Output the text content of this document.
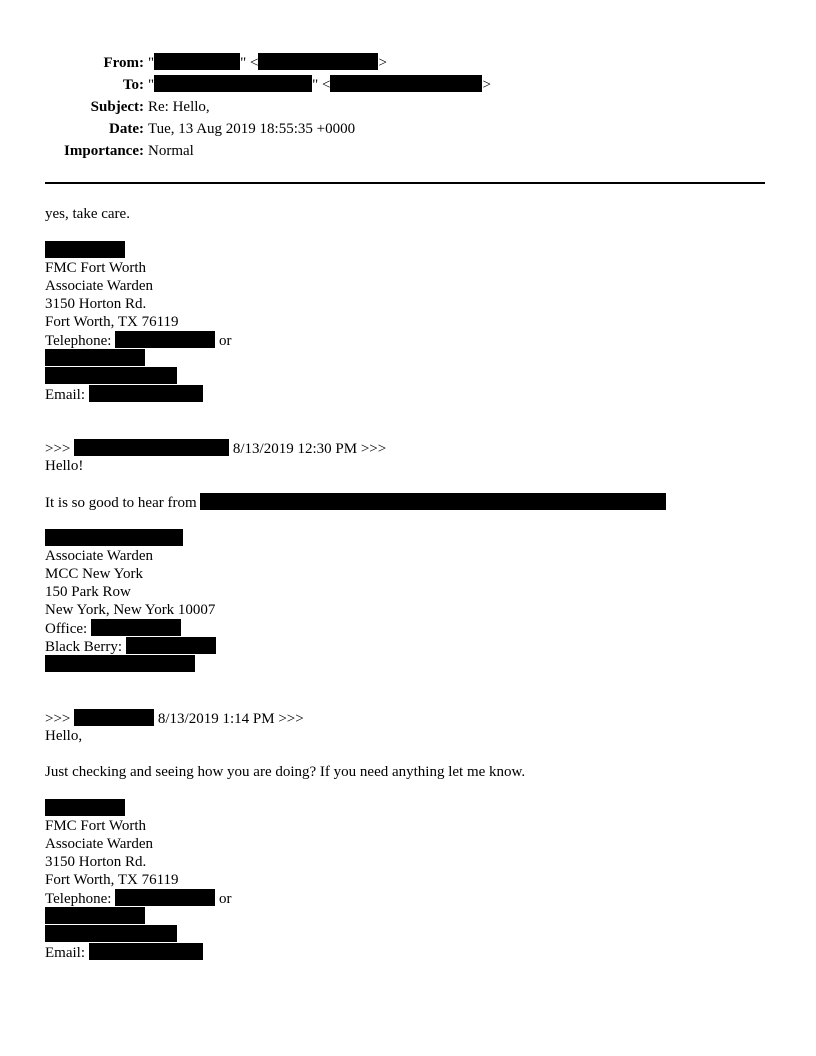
From: "	" <	>
To: "	" <	>
Subject: Re: Hello,
Date: Tue, 13 Aug 2019 18:55:35 +0000
Importance: Normal
yes, take care.
FMC Fort Worth
Associate Warden
3150 Horton Rd.
Fort Worth, TX 76119
Telephone:	or
Email:
>>>	8/13/2019 12:30 PM >>>
Hello!
It is so good to hear from
Associate Warden
MCC New York
150 Park Row
New York, New York 10007
Office:
Black Berry:
>>>	8/13/2019 1:14 PM >>>
Hello,
Just checking and seeing how you are doing? If you need anything let me know.
FMC Fort Worth
Associate Warden
3150 Horton Rd.
Fort Worth, TX 76119
Telephone:	or
Email:
